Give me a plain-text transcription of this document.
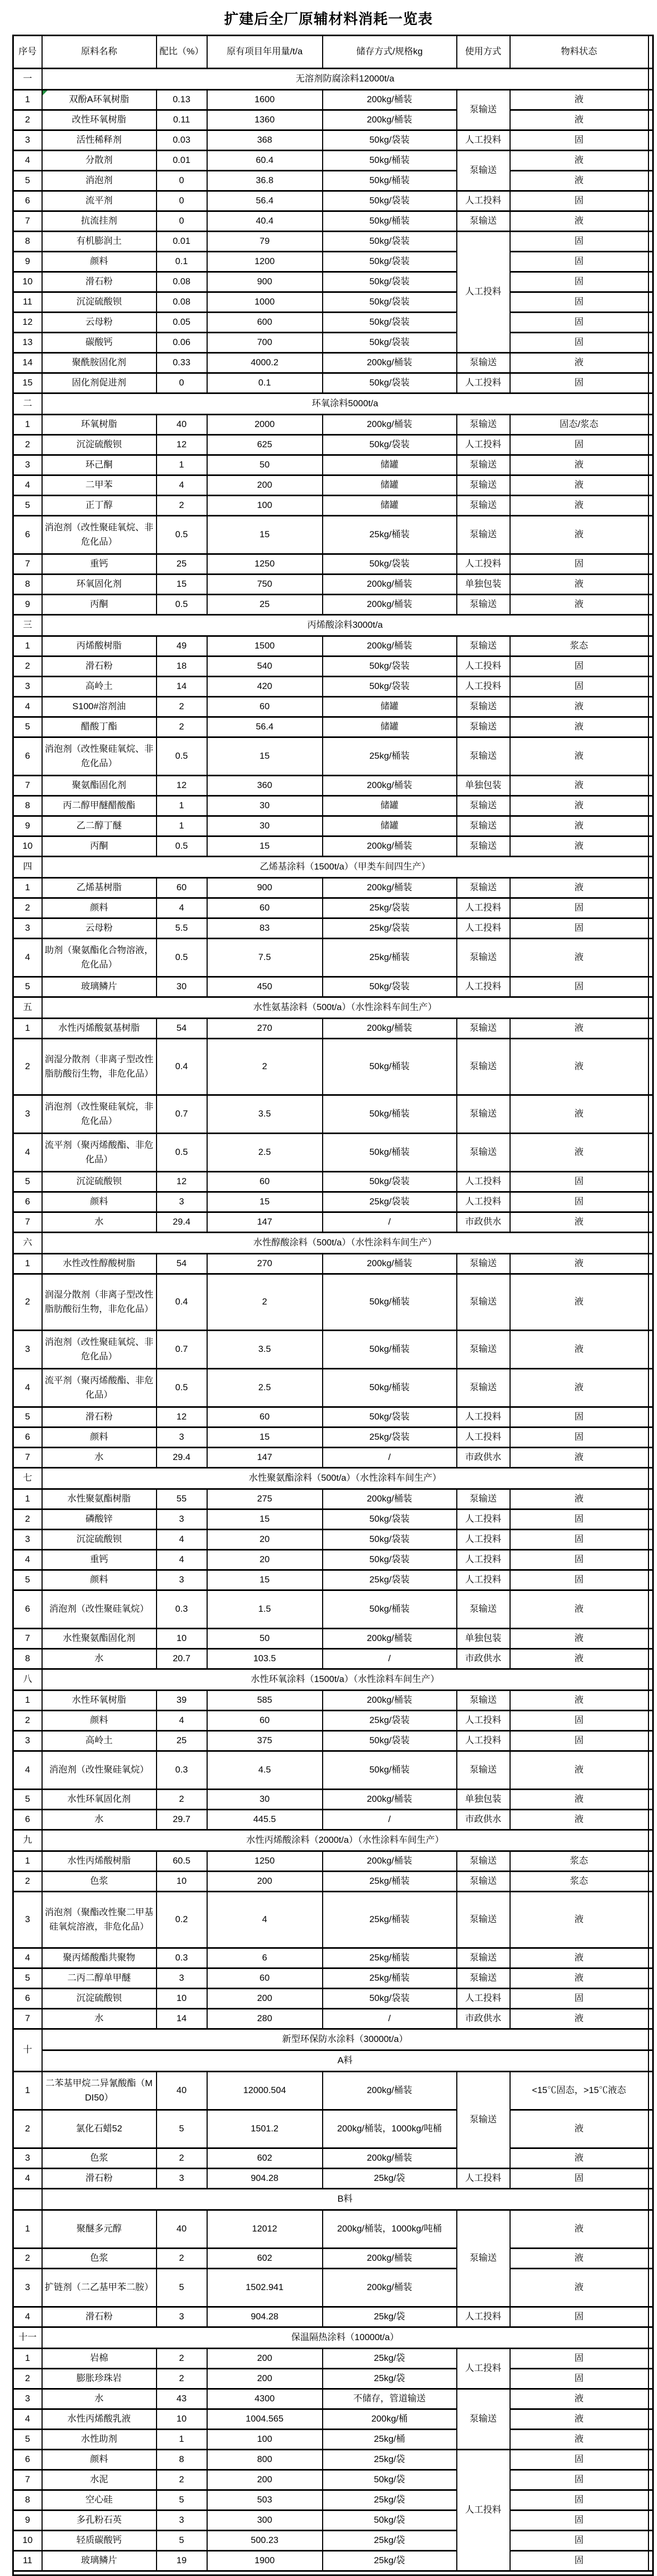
扩建后全厂原辅材料消耗一览表
序号	原料名称	配比（%）	原有项目年用量/t/a	储存方式/规格kg	使用方式	物料状态	
一	无溶剂防腐涂料12000t/a						
1	双酚A环氧树脂	0.13	1600	200kg/桶装	泵输送	液	
2	改性环氧树脂	0.11	1360	200kg/桶装		液	
3	活性稀释剂	0.03	368	50kg/袋装	人工投料	固	
4	分散剂	0.01	60.4	50kg/桶装	泵输送	液	
5	消泡剂	0	36.8	50kg/桶装		液	
6	流平剂	0	56.4	50kg/袋装	人工投料	固	
7	抗流挂剂	0	40.4	50kg/桶装	泵输送	液	
8	有机膨润土	0.01	79	50kg/袋装	人工投料	固	
9	颜料	0.1	1200	50kg/袋装		固	
10	滑石粉	0.08	900	50kg/袋装		固	
11	沉淀硫酸钡	0.08	1000	50kg/袋装		固	
12	云母粉	0.05	600	50kg/袋装		固	
13	碳酸钙	0.06	700	50kg/袋装		固	
14	聚酰胺固化剂	0.33	4000.2	200kg/桶装	泵输送	液	
15	固化剂促进剂	0	0.1	50kg/袋装	人工投料	固	
二	环氧涂料5000t/a						
1	环氧树脂	40	2000	200kg/桶装	泵输送	固态/浆态	
2	沉淀硫酸钡	12	625	50kg/袋装	人工投料	固	
3	环己酮	1	50	储罐	泵输送	液	
4	二甲苯	4	200	储罐	泵输送	液	
5	正丁醇	2	100	储罐	泵输送	液	
6	消泡剂（改性聚硅氧烷、非危化品）	0.5	15	25kg/桶装	泵输送	液	
7	重钙	25	1250	50kg/袋装	人工投料	固	
8	环氧固化剂	15	750	200kg/桶装	单独包装	液	
9	丙酮	0.5	25	200kg/桶装	泵输送	液	
三	丙烯酸涂料3000t/a						
1	丙烯酸树脂	49	1500	200kg/桶装	泵输送	浆态	
2	滑石粉	18	540	50kg/袋装	人工投料	固	
3	高岭土	14	420	50kg/袋装	人工投料	固	
4	S100#溶剂油	2	60	储罐	泵输送	液	
5	醋酸丁酯	2	56.4	储罐	泵输送	液	
6	消泡剂（改性聚硅氧烷、非危化品）	0.5	15	25kg/桶装	泵输送	液	
7	聚氨酯固化剂	12	360	200kg/桶装	单独包装	液	
8	丙二醇甲醚醋酸酯	1	30	储罐	泵输送	液	
9	乙二醇丁醚	1	30	储罐	泵输送	液	
10	丙酮	0.5	15	200kg/桶装	泵输送	液	
四	乙烯基涂料（1500t/a）（甲类车间四生产）						
1	乙烯基树脂	60	900	200kg/桶装	泵输送	液	
2	颜料	4	60	25kg/袋装	人工投料	固	
3	云母粉	5.5	83	25kg/袋装	人工投料	固	
4	助剂（聚氨酯化合物溶液，危化品）	0.5	7.5	25kg/桶装	泵输送	液	
5	玻璃鳞片	30	450	50kg/袋装	人工投料	固	
五	水性氨基涂料（500t/a）（水性涂料车间生产）						
1	水性丙烯酸氨基树脂	54	270	200kg/桶装	泵输送	液	
2	润湿分散剂（非离子型改性脂肪酸衍生物，非危化品）	0.4	2	50kg/桶装	泵输送	液	
3	消泡剂（改性聚硅氧烷，非危化品）	0.7	3.5	50kg/桶装	泵输送	液	
4	流平剂（聚丙烯酸酯、非危化品）	0.5	2.5	50kg/桶装	泵输送	液	
5	沉淀硫酸钡	12	60	50kg/袋装	人工投料	固	
6	颜料	3	15	25kg/袋装	人工投料	固	
7	水	29.4	147	/	市政供水	液	
六	水性醇酸涂料（500t/a）（水性涂料车间生产）						
1	水性改性醇酸树脂	54	270	200kg/桶装	泵输送	液	
2	润湿分散剂（非离子型改性脂肪酸衍生物，非危化品）	0.4	2	50kg/桶装	泵输送	液	
3	消泡剂（改性聚硅氧烷、非危化品）	0.7	3.5	50kg/桶装	泵输送	液	
4	流平剂（聚丙烯酸酯、非危化品）	0.5	2.5	50kg/桶装	泵输送	液	
5	滑石粉	12	60	50kg/袋装	人工投料	固	
6	颜料	3	15	25kg/袋装	人工投料	固	
7	水	29.4	147	/	市政供水	液	
七	水性聚氨酯涂料（500t/a）（水性涂料车间生产）						
1	水性聚氨酯树脂	55	275	200kg/桶装	泵输送	液	
2	磷酸锌	3	15	50kg/袋装	人工投料	固	
3	沉淀硫酸钡	4	20	50kg/袋装	人工投料	固	
4	重钙	4	20	50kg/袋装	人工投料	固	
5	颜料	3	15	25kg/袋装	人工投料	固	
6	消泡剂（改性聚硅氧烷）	0.3	1.5	50kg/桶装	泵输送	液	
7	水性聚氨酯固化剂	10	50	200kg/桶装	单独包装	液	
8	水	20.7	103.5	/	市政供水	液	
八	水性环氧涂料（1500t/a）（水性涂料车间生产）						
1	水性环氧树脂	39	585	200kg/桶装	泵输送	液	
2	颜料	4	60	25kg/袋装	人工投料	固	
3	高岭土	25	375	50kg/袋装	人工投料	固	
4	消泡剂（改性聚硅氧烷）	0.3	4.5	50kg/桶装	泵输送	液	
5	水性环氧固化剂	2	30	200kg/桶装	单独包装	液	
6	水	29.7	445.5	/	市政供水	液	
九	水性丙烯酸涂料（2000t/a）（水性涂料车间生产）						
1	水性丙烯酸树脂	60.5	1250	200kg/桶装	泵输送	浆态	
2	色浆	10	200	25kg/桶装	泵输送	浆态	
3	消泡剂（聚酯改性聚二甲基硅氧烷溶液，非危化品）	0.2	4	25kg/桶装	泵输送	液	
4	聚丙烯酸酯共聚物	0.3	6	25kg/桶装	泵输送	液	
5	二丙二醇单甲醚	3	60	25kg/桶装	泵输送	液	
6	沉淀硫酸钡	10	200	50kg/袋装	人工投料	固	
7	水	14	280	/	市政供水	液	
十	新型环保防水涂料（30000t/a）						
	A料						
1	二苯基甲烷二异氰酸酯（MDI50）	40	12000.504	200kg/桶装	泵输送	<15℃固态，>15℃液态	
2	氯化石蜡52	5	1501.2	200kg/桶装，1000kg/吨桶		液	
3	色浆	2	602	200kg/桶装		液	
4	滑石粉	3	904.28	25kg/袋	人工投料	固	
	B料						
1	聚醚多元醇	40	12012	200kg/桶装，1000kg/吨桶	泵输送	液	
2	色浆	2	602	200kg/桶装		液	
3	扩链剂（二乙基甲苯二胺）	5	1502.941	200kg/桶装		液	
4	滑石粉	3	904.28	25kg/袋	人工投料	固	
十一	保温隔热涂料（10000t/a）						
1	岩棉	2	200	25kg/袋	人工投料	固	
2	膨胀珍珠岩	2	200	25kg/袋		固	
3	水	43	4300	不储存，管道输送	泵输送	液	
4	水性丙烯酸乳液	10	1004.565	200kg/桶		液	
5	水性助剂	1	100	25kg/桶		液	
6	颜料	8	800	25kg/袋	人工投料	固	
7	水泥	2	200	50kg/袋		固	
8	空心硅	5	503	25kg/袋		固	
9	多孔粉石英	3	300	50kg/袋		固	
10	轻质碳酸钙	5	500.23	25kg/袋		固	
11	玻璃鳞片	19	1900	25kg/袋		固	
